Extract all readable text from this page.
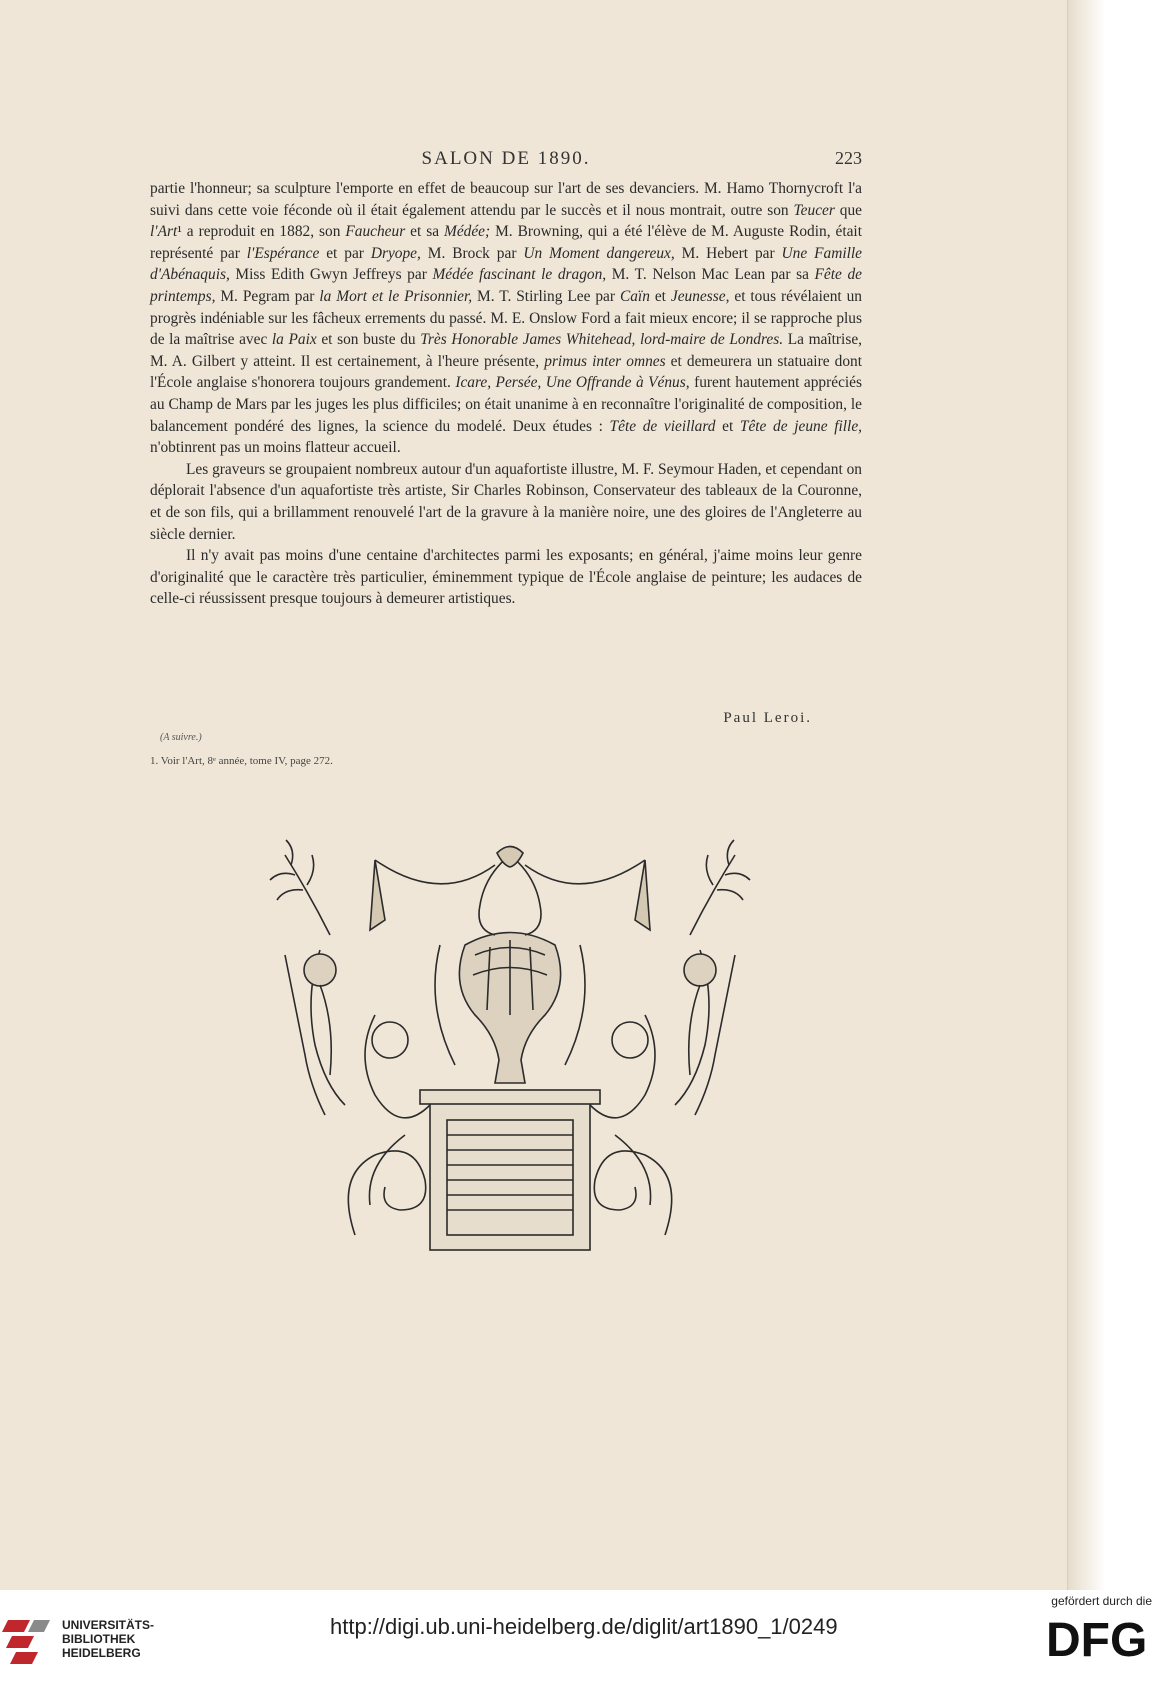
SALON DE 1890.	223

partie l'honneur; sa sculpture l'emporte en effet de beaucoup sur l'art de ses devanciers. M. Hamo Thornycroft l'a suivi dans cette voie féconde où il était également attendu par le succès et il nous montrait, outre son Teucer que l'Art¹ a reproduit en 1882, son Faucheur et sa Médée; M. Browning, qui a été l'élève de M. Auguste Rodin, était représenté par l'Espérance et par Dryope, M. Brock par Un Moment dangereux, M. Hebert par Une Famille d'Abénaquis, Miss Edith Gwyn Jeffreys par Médée fascinant le dragon, M. T. Nelson Mac Lean par sa Fête de printemps, M. Pegram par la Mort et le Prisonnier, M. T. Stirling Lee par Caïn et Jeunesse, et tous révélaient un progrès indéniable sur les fâcheux errements du passé. M. E. Onslow Ford a fait mieux encore; il se rapproche plus de la maîtrise avec la Paix et son buste du Très Honorable James Whitehead, lord-maire de Londres. La maîtrise, M. A. Gilbert y atteint. Il est certainement, à l'heure présente, primus inter omnes et demeurera un statuaire dont l'École anglaise s'honorera toujours grandement. Icare, Persée, Une Offrande à Vénus, furent hautement appréciés au Champ de Mars par les juges les plus difficiles; on était unanime à en reconnaître l'originalité de composition, le balancement pondéré des lignes, la science du modelé. Deux études : Tête de vieillard et Tête de jeune fille, n'obtinrent pas un moins flatteur accueil.

Les graveurs se groupaient nombreux autour d'un aquafortiste illustre, M. F. Seymour Haden, et cependant on déplorait l'absence d'un aquafortiste très artiste, Sir Charles Robinson, Conservateur des tableaux de la Couronne, et de son fils, qui a brillamment renouvelé l'art de la gravure à la manière noire, une des gloires de l'Angleterre au siècle dernier.

Il n'y avait pas moins d'une centaine d'architectes parmi les exposants; en général, j'aime moins leur genre d'originalité que le caractère très particulier, éminemment typique de l'École anglaise de peinture; les audaces de celle-ci réussissent presque toujours à demeurer artistiques.

Paul Leroi.
(A suivre.)
1. Voir l'Art, 8ᵉ année, tome IV, page 272.
UNIVERSITÄTS-
BIBLIOTHEK
HEIDELBERG
http://digi.ub.uni-heidelberg.de/diglit/art1890_1/0249
gefördert durch die
DFG
